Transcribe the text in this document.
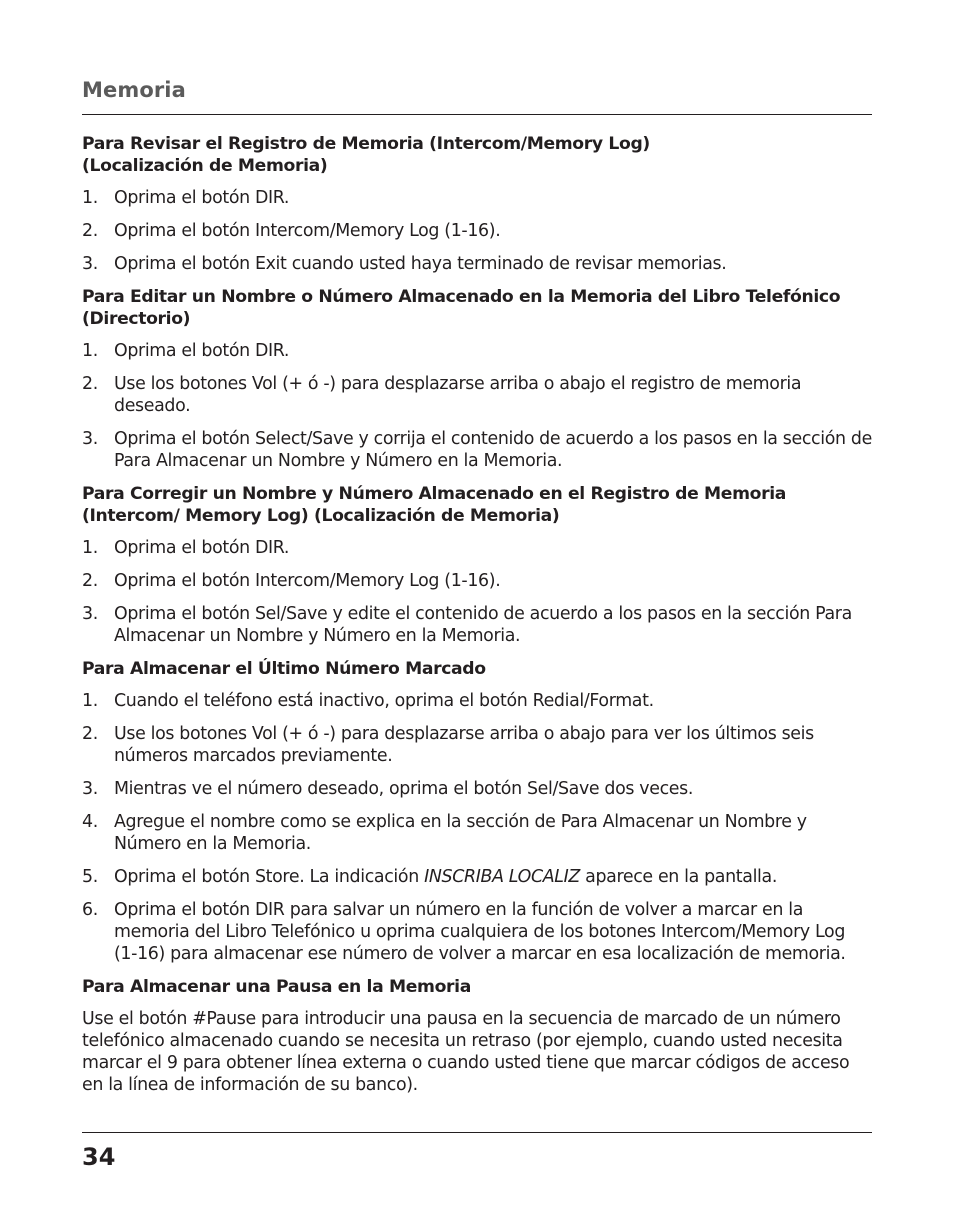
Memoria
Para Revisar el Registro de Memoria (Intercom/Memory Log)
(Localización de Memoria)
1. Oprima el botón DIR.
2. Oprima el botón Intercom/Memory Log (1-16).
3. Oprima el botón Exit cuando usted haya terminado de revisar memorias.
Para Editar un Nombre o Número Almacenado en la Memoria del Libro Telefónico
(Directorio)
1. Oprima el botón DIR.
2. Use los botones Vol (+ ó -) para desplazarse arriba o abajo el registro de memoria deseado.
3. Oprima el botón Select/Save y corrija el contenido de acuerdo a los pasos en la sección de Para Almacenar un Nombre y Número en la Memoria.
Para Corregir un Nombre y Número Almacenado en el Registro de Memoria
(Intercom/ Memory Log) (Localización de Memoria)
1. Oprima el botón DIR.
2. Oprima el botón Intercom/Memory Log (1-16).
3. Oprima el botón Sel/Save y edite el contenido de acuerdo a los pasos en la sección Para Almacenar un Nombre y Número en la Memoria.
Para Almacenar el Último Número Marcado
1. Cuando el teléfono está inactivo, oprima el botón Redial/Format.
2. Use los botones Vol (+ ó -) para desplazarse arriba o abajo para ver los últimos seis números marcados previamente.
3. Mientras ve el número deseado, oprima el botón Sel/Save dos veces.
4. Agregue el nombre como se explica en la sección de Para Almacenar un Nombre y Número en la Memoria.
5. Oprima el botón Store. La indicación INSCRIBA LOCALIZ aparece en la pantalla.
6. Oprima el botón DIR para salvar un número en la función de volver a marcar en la memoria del Libro Telefónico u oprima cualquiera de los botones Intercom/Memory Log (1-16) para almacenar ese número de volver a marcar en esa localización de memoria.
Para Almacenar una Pausa en la Memoria

Use el botón #Pause para introducir una pausa en la secuencia de marcado de un número telefónico almacenado cuando se necesita un retraso (por ejemplo, cuando usted necesita marcar el 9 para obtener línea externa o cuando usted tiene que marcar códigos de acceso en la línea de información de su banco).

34
